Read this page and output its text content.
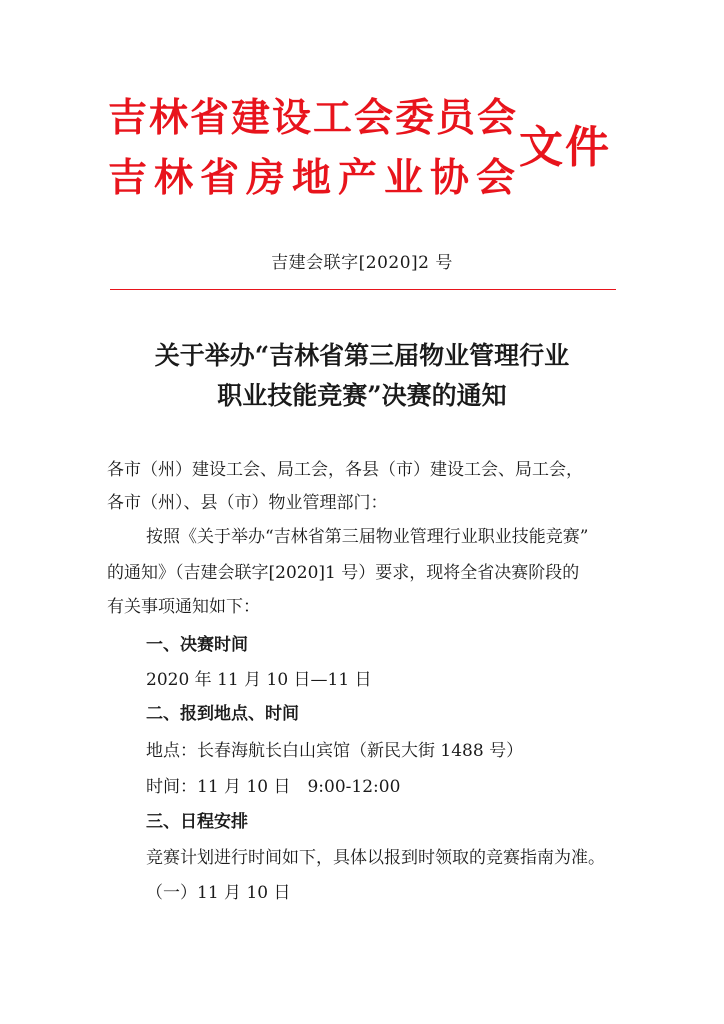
吉林省建设工会委员会
吉林省房地产业协会
文件
吉建会联字[2020]2 号
关于举办“吉林省第三届物业管理行业
职业技能竞赛”决赛的通知
各市（州）建设工会、局工会，各县（市）建设工会、局工会，
各市（州）、县（市）物业管理部门：
按照《关于举办“吉林省第三届物业管理行业职业技能竞赛”
的通知》（吉建会联字[2020]1 号）要求，现将全省决赛阶段的
有关事项通知如下：
一、决赛时间
2020 年 11 月 10 日—11 日
二、报到地点、时间
地点：长春海航长白山宾馆（新民大街 1488 号）
时间：11 月 10 日　9:00-12:00
三、日程安排
竞赛计划进行时间如下，具体以报到时领取的竞赛指南为准。
（一）11 月 10 日
